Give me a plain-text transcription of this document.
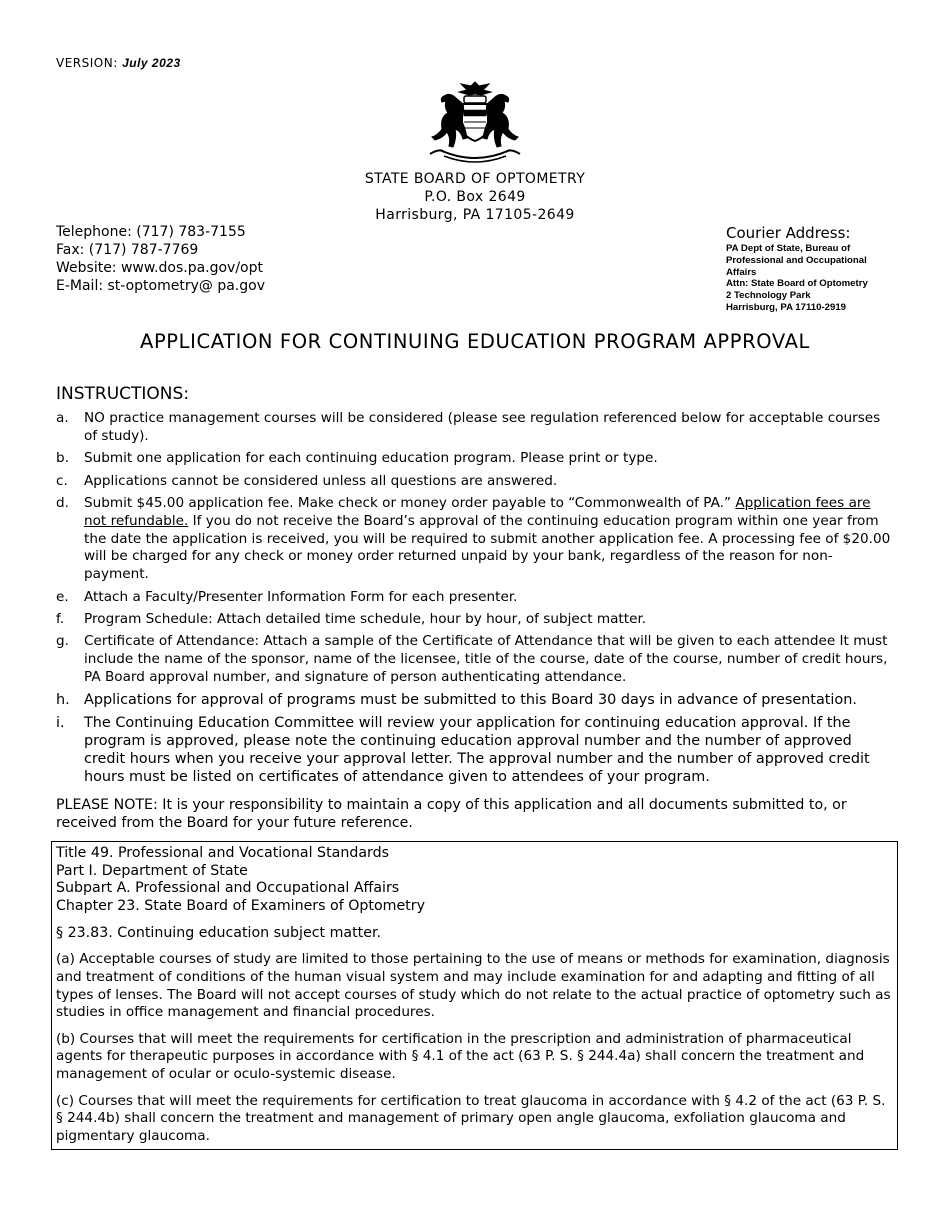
VERSION: July 2023
STATE BOARD OF OPTOMETRY
P.O. Box 2649
Harrisburg, PA 17105-2649
Telephone: (717) 783-7155
Fax: (717) 787-7769
Website: www.dos.pa.gov/opt
E-Mail: st-optometry@ pa.gov
Courier Address:
PA Dept of State, Bureau of
Professional and Occupational
Affairs
Attn: State Board of Optometry
2 Technology Park
Harrisburg, PA 17110-2919
APPLICATION FOR CONTINUING EDUCATION PROGRAM APPROVAL
INSTRUCTIONS:
a. NO practice management courses will be considered (please see regulation referenced below for acceptable courses of study).
b. Submit one application for each continuing education program. Please print or type.
c. Applications cannot be considered unless all questions are answered.
d. Submit $45.00 application fee. Make check or money order payable to “Commonwealth of PA.” Application fees are not refundable. If you do not receive the Board’s approval of the continuing education program within one year from the date the application is received, you will be required to submit another application fee. A processing fee of $20.00 will be charged for any check or money order returned unpaid by your bank, regardless of the reason for non-payment.
e. Attach a Faculty/Presenter Information Form for each presenter.
f. Program Schedule: Attach detailed time schedule, hour by hour, of subject matter.
g. Certificate of Attendance: Attach a sample of the Certificate of Attendance that will be given to each attendee It must include the name of the sponsor, name of the licensee, title of the course, date of the course, number of credit hours, PA Board approval number, and signature of person authenticating attendance.
h. Applications for approval of programs must be submitted to this Board 30 days in advance of presentation.
i. The Continuing Education Committee will review your application for continuing education approval. If the program is approved, please note the continuing education approval number and the number of approved credit hours when you receive your approval letter. The approval number and the number of approved credit hours must be listed on certificates of attendance given to attendees of your program.
PLEASE NOTE: It is your responsibility to maintain a copy of this application and all documents submitted to, or received from the Board for your future reference.
Title 49. Professional and Vocational Standards
Part I. Department of State
Subpart A. Professional and Occupational Affairs
Chapter 23. State Board of Examiners of Optometry
§ 23.83. Continuing education subject matter.
(a) Acceptable courses of study are limited to those pertaining to the use of means or methods for examination, diagnosis and treatment of conditions of the human visual system and may include examination for and adapting and fitting of all types of lenses. The Board will not accept courses of study which do not relate to the actual practice of optometry such as studies in office management and financial procedures.
(b) Courses that will meet the requirements for certification in the prescription and administration of pharmaceutical agents for therapeutic purposes in accordance with § 4.1 of the act (63 P. S. § 244.4a) shall concern the treatment and management of ocular or oculo-systemic disease.
(c) Courses that will meet the requirements for certification to treat glaucoma in accordance with § 4.2 of the act (63 P. S. § 244.4b) shall concern the treatment and management of primary open angle glaucoma, exfoliation glaucoma and pigmentary glaucoma.
